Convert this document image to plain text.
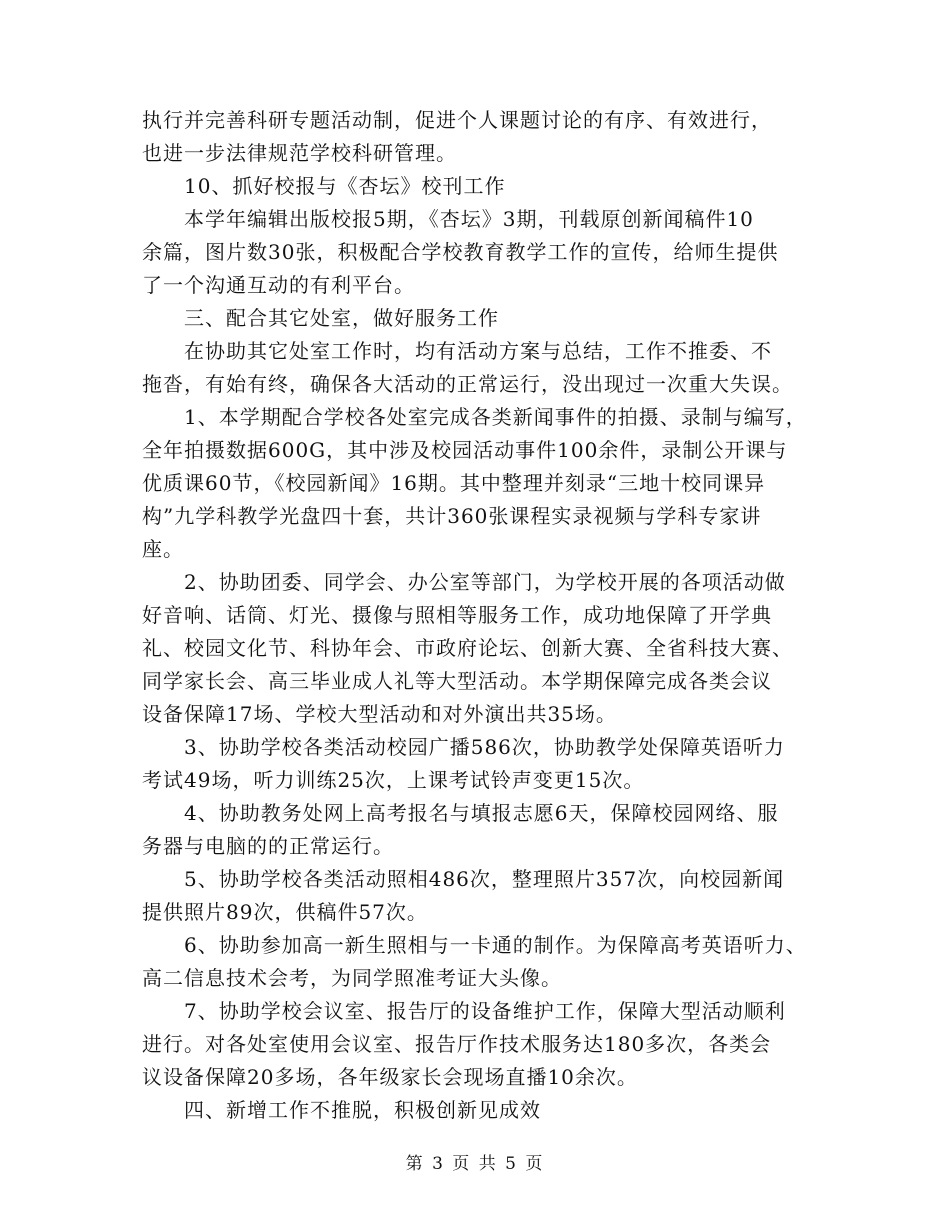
执行并完善科研专题活动制，促进个人课题讨论的有序、有效进行，
也进一步法律规范学校科研管理。
10、抓好校报与《杏坛》校刊工作
本学年编辑出版校报5期，《杏坛》3期，刊载原创新闻稿件10
余篇，图片数30张，积极配合学校教育教学工作的宣传，给师生提供
了一个沟通互动的有利平台。
三、配合其它处室，做好服务工作
在协助其它处室工作时，均有活动方案与总结，工作不推委、不
拖沓，有始有终，确保各大活动的正常运行，没出现过一次重大失误。
1、本学期配合学校各处室完成各类新闻事件的拍摄、录制与编写，
全年拍摄数据600G，其中涉及校园活动事件100余件，录制公开课与
优质课60节，《校园新闻》16期。其中整理并刻录“三地十校同课异
构”九学科教学光盘四十套，共计360张课程实录视频与学科专家讲
座。
2、协助团委、同学会、办公室等部门，为学校开展的各项活动做
好音响、话筒、灯光、摄像与照相等服务工作，成功地保障了开学典
礼、校园文化节、科协年会、市政府论坛、创新大赛、全省科技大赛、
同学家长会、高三毕业成人礼等大型活动。本学期保障完成各类会议
设备保障17场、学校大型活动和对外演出共35场。
3、协助学校各类活动校园广播586次，协助教学处保障英语听力
考试49场，听力训练25次，上课考试铃声变更15次。
4、协助教务处网上高考报名与填报志愿6天，保障校园网络、服
务器与电脑的的正常运行。
5、协助学校各类活动照相486次，整理照片357次，向校园新闻
提供照片89次，供稿件57次。
6、协助参加高一新生照相与一卡通的制作。为保障高考英语听力、
高二信息技术会考，为同学照准考证大头像。
7、协助学校会议室、报告厅的设备维护工作，保障大型活动顺利
进行。对各处室使用会议室、报告厅作技术服务达180多次，各类会
议设备保障20多场，各年级家长会现场直播10余次。
四、新增工作不推脱，积极创新见成效
第 3 页 共 5 页
